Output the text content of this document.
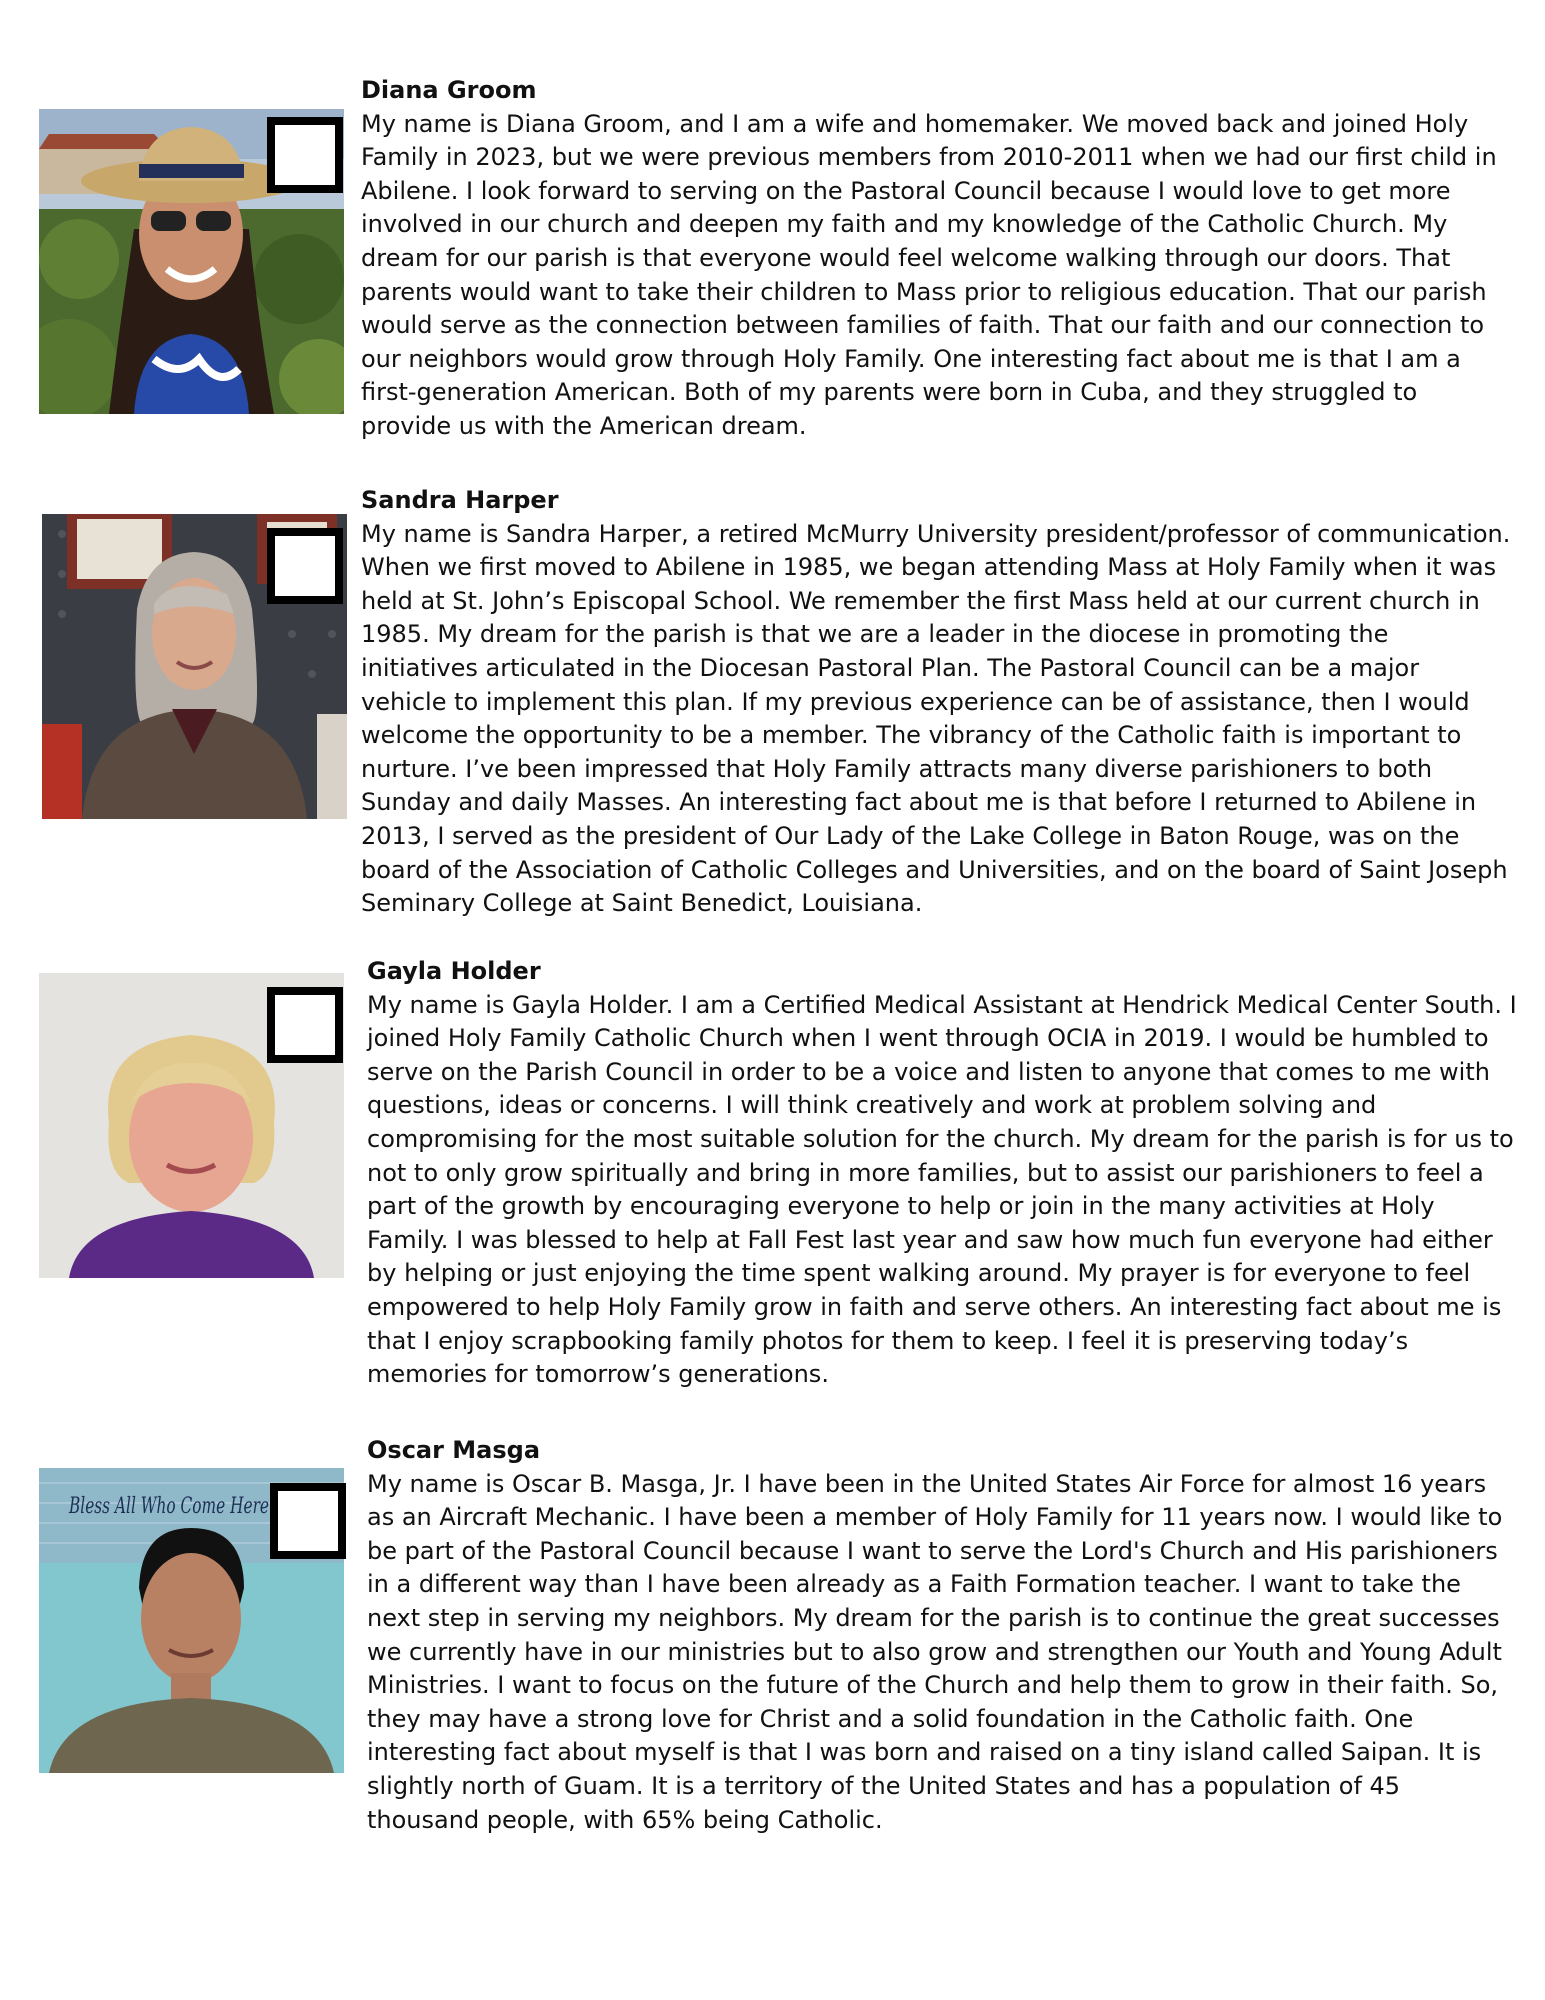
Diana Groom
My name is Diana Groom, and I am a wife and homemaker. We moved back and joined Holy Family in 2023, but we were previous members from 2010-2011 when we had our first child in Abilene. I look forward to serving on the Pastoral Council because I would love to get more involved in our church and deepen my faith and my knowledge of the Catholic Church. My dream for our parish is that everyone would feel welcome walking through our doors. That parents would want to take their children to Mass prior to religious education. That our parish would serve as the connection between families of faith. That our faith and our connection to our neighbors would grow through Holy Family. One interesting fact about me is that I am a first-generation American. Both of my parents were born in Cuba, and they struggled to provide us with the American dream.
Sandra Harper
My name is Sandra Harper, a retired McMurry University president/professor of communication. When we first moved to Abilene in 1985, we began attending Mass at Holy Family when it was held at St. John’s Episcopal School. We remember the first Mass held at our current church in 1985. My dream for the parish is that we are a leader in the diocese in promoting the initiatives articulated in the Diocesan Pastoral Plan. The Pastoral Council can be a major vehicle to implement this plan. If my previous experience can be of assistance, then I would welcome the opportunity to be a member. The vibrancy of the Catholic faith is important to nurture. I’ve been impressed that Holy Family attracts many diverse parishioners to both Sunday and daily Masses. An interesting fact about me is that before I returned to Abilene in 2013, I served as the president of Our Lady of the Lake College in Baton Rouge, was on the board of the Association of Catholic Colleges and Universities, and on the board of Saint Joseph Seminary College at Saint Benedict, Louisiana.
Gayla Holder
My name is Gayla Holder. I am a Certified Medical Assistant at Hendrick Medical Center South. I joined Holy Family Catholic Church when I went through OCIA in 2019. I would be humbled to serve on the Parish Council in order to be a voice and listen to anyone that comes to me with questions, ideas or concerns. I will think creatively and work at problem solving and compromising for the most suitable solution for the church. My dream for the parish is for us to not to only grow spiritually and bring in more families, but to assist our parishioners to feel a part of the growth by encouraging everyone to help or join in the many activities at Holy Family. I was blessed to help at Fall Fest last year and saw how much fun everyone had either by helping or just enjoying the time spent walking around. My prayer is for everyone to feel empowered to help Holy Family grow in faith and serve others. An interesting fact about me is that I enjoy scrapbooking family photos for them to keep. I feel it is preserving today’s memories for tomorrow’s generations.
Bless All Who Come Here
Oscar Masga
My name is Oscar B. Masga, Jr. I have been in the United States Air Force for almost 16 years as an Aircraft Mechanic. I have been a member of Holy Family for 11 years now. I would like to be part of the Pastoral Council because I want to serve the Lord's Church and His parishioners in a different way than I have been already as a Faith Formation teacher. I want to take the next step in serving my neighbors. My dream for the parish is to continue the great successes we currently have in our ministries but to also grow and strengthen our Youth and Young Adult Ministries. I want to focus on the future of the Church and help them to grow in their faith. So, they may have a strong love for Christ and a solid foundation in the Catholic faith. One interesting fact about myself is that I was born and raised on a tiny island called Saipan. It is slightly north of Guam. It is a territory of the United States and has a population of 45 thousand people, with 65% being Catholic.
